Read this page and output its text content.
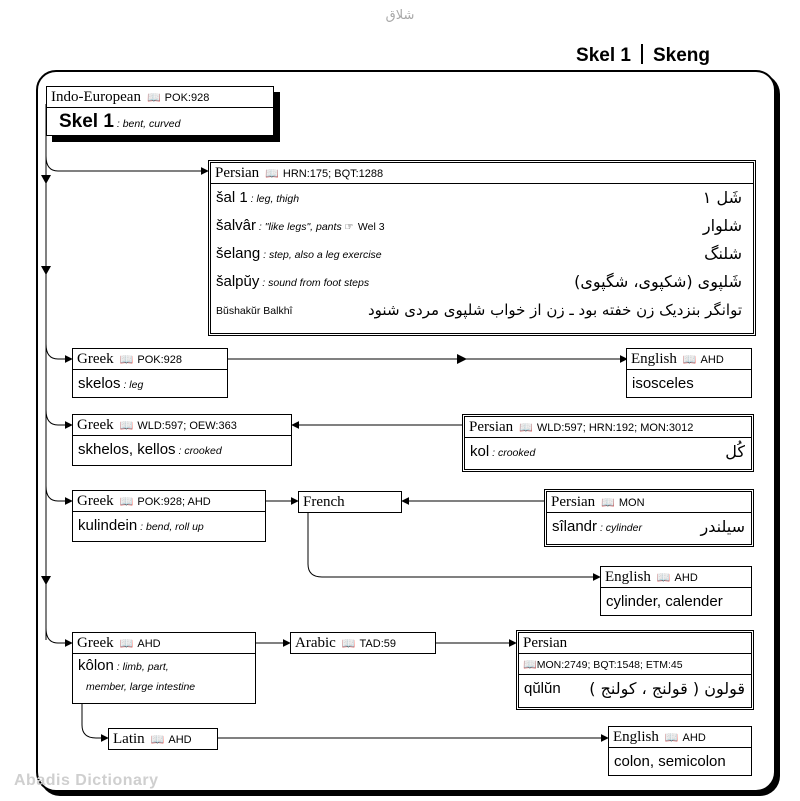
شلاق
Skel 1 Skeng
Indo-European 📖 POK:928
Skel 1 : bent, curved
Persian 📖 HRN:175; BQT:1288
šal 1 : leg, thigh	شَل ۱
šalvâr : "like legs", pants ☞ Wel 3	شلوار
šelang : step, also a leg exercise	شلنگ
šalpŭy : sound from foot steps	شَلپوی (شکپوی، شگپوی)
Bŭshakŭr Balkhî	توانگر بنزدیک زن خفته بود ـ زن از خواب شلپوی مردی شنود
Greek 📖 POK:928
skelos : leg
English 📖 AHD
isosceles
Greek 📖 WLD:597; OEW:363
skhelos, kellos : crooked
Persian 📖 WLD:597; HRN:192; MON:3012
kol : crooked	کُل
Greek 📖 POK:928; AHD
kulindein : bend, roll up
French	Persian 📖 MON
sîlandr : cylinder	سیلندر
English 📖 AHD
cylinder, calender
Greek 📖 AHD
kôlon : limb, part,
member, large intestine
Arabic 📖 TAD:59	Persian
📖MON:2749; BQT:1548; ETM:45
qŭlŭn قولون ( قولنج ، کولنج )
Latin 📖 AHD	English 📖 AHD
colon, semicolon
Abadis Dictionary
